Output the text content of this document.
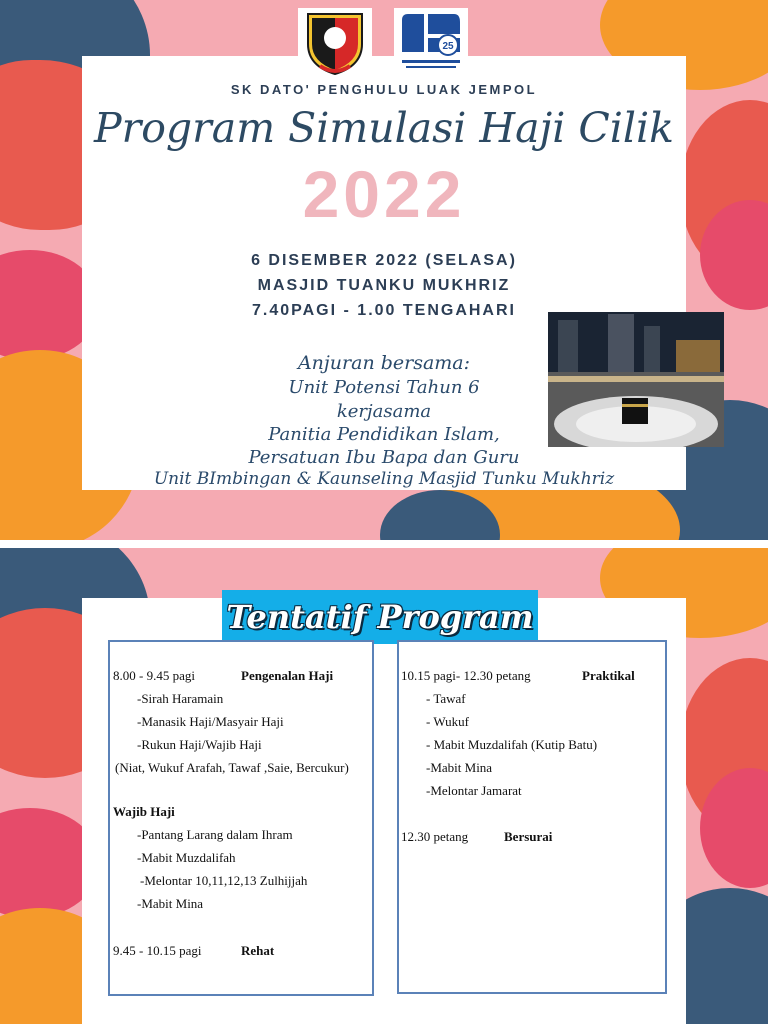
25
SK DATO' PENGHULU LUAK JEMPOL
Program Simulasi Haji Cilik
2022
6 DISEMBER 2022 (SELASA)
MASJID TUANKU MUKHRIZ
7.40PAGI - 1.00 TENGAHARI
Anjuran bersama:
Unit Potensi Tahun 6
kerjasama
Panitia Pendidikan Islam,
Persatuan Ibu Bapa dan Guru
Unit BImbingan & Kaunseling Masjid Tunku Mukhriz
Tentatif Program
8.00 - 9.45 pagi	Pengenalan Haji
-Sirah Haramain
-Manasik Haji/Masyair Haji
-Rukun Haji/Wajib Haji
(Niat, Wukuf Arafah, Tawaf ,Saie, Bercukur)
Wajib Haji
-Pantang Larang dalam Ihram
-Mabit Muzdalifah
-Melontar 10,11,12,13 Zulhijjah
-Mabit Mina
9.45 - 10.15 pagi	Rehat
10.15 pagi- 12.30 petang	Praktikal
- Tawaf
- Wukuf
- Mabit Muzdalifah (Kutip Batu)
-Mabit Mina
-Melontar Jamarat
12.30 petang	Bersurai
